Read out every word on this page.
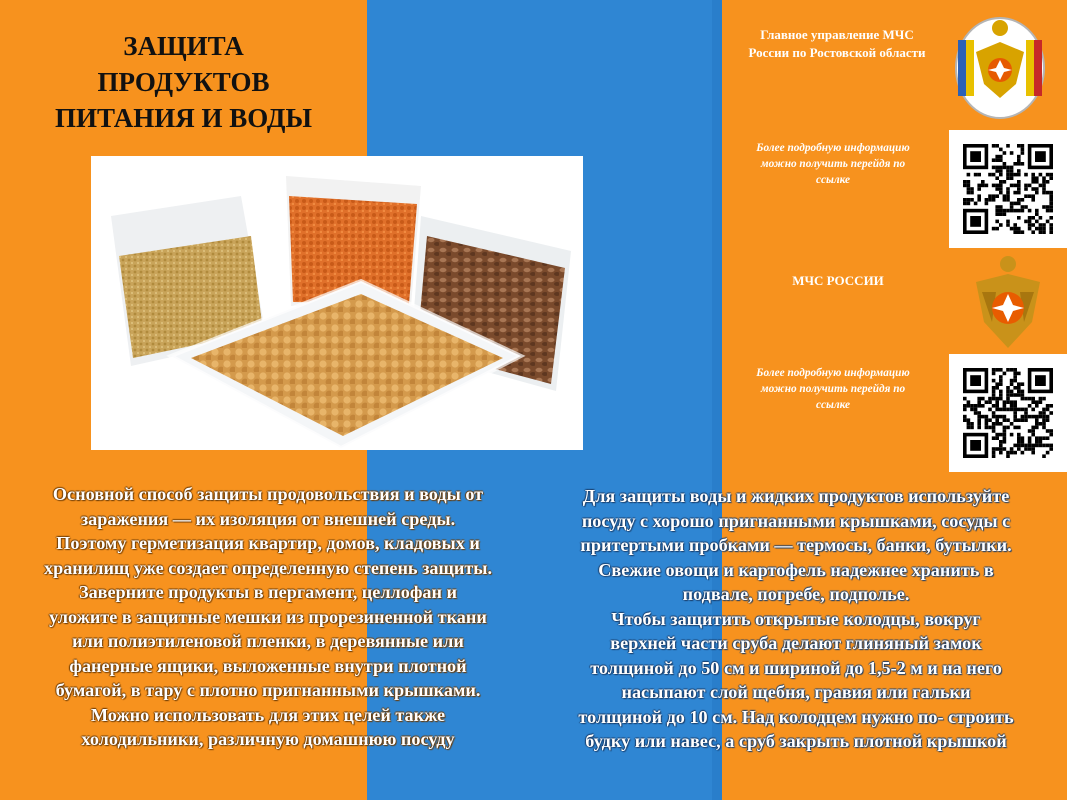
ЗАЩИТА
ПРОДУКТОВ
ПИТАНИЯ И ВОДЫ
Основной способ защиты продовольствия и воды от
заражения — их изоляция от внешней среды.
Поэтому герметизация квартир, домов, кладовых и
хранилищ уже создает определенную степень защиты.
Заверните продукты в пергамент, целлофан и
уложите в защитные мешки из прорезиненной ткани
или полиэтиленовой пленки, в деревянные или
фанерные ящики, выложенные внутри плотной
бумагой, в тару с плотно пригнанными крышками.
Можно использовать для этих целей также
холодильники, различную домашнюю посуду
Для защиты воды и жидких продуктов используйте
посуду с хорошо пригнанными крышками, сосуды с
притертыми пробками — термосы, банки, бутылки.
Свежие овощи и картофель надежнее хранить в
подвале, погребе, подполье.
Чтобы защитить открытые колодцы, вокруг
верхней части сруба делают глиняный замок
толщиной до 50 см и шириной до 1,5-2 м и на него
насыпают слой щебня, гравия или гальки
толщиной до 10 см. Над колодцем нужно по- строить
будку или навес, а сруб закрыть плотной крышкой
Главное управление МЧС
России по Ростовской области
Более подробную информацию
можно получить перейдя по
ссылке
МЧС РОССИИ
Более подробную информацию
можно получить перейдя по
ссылке
